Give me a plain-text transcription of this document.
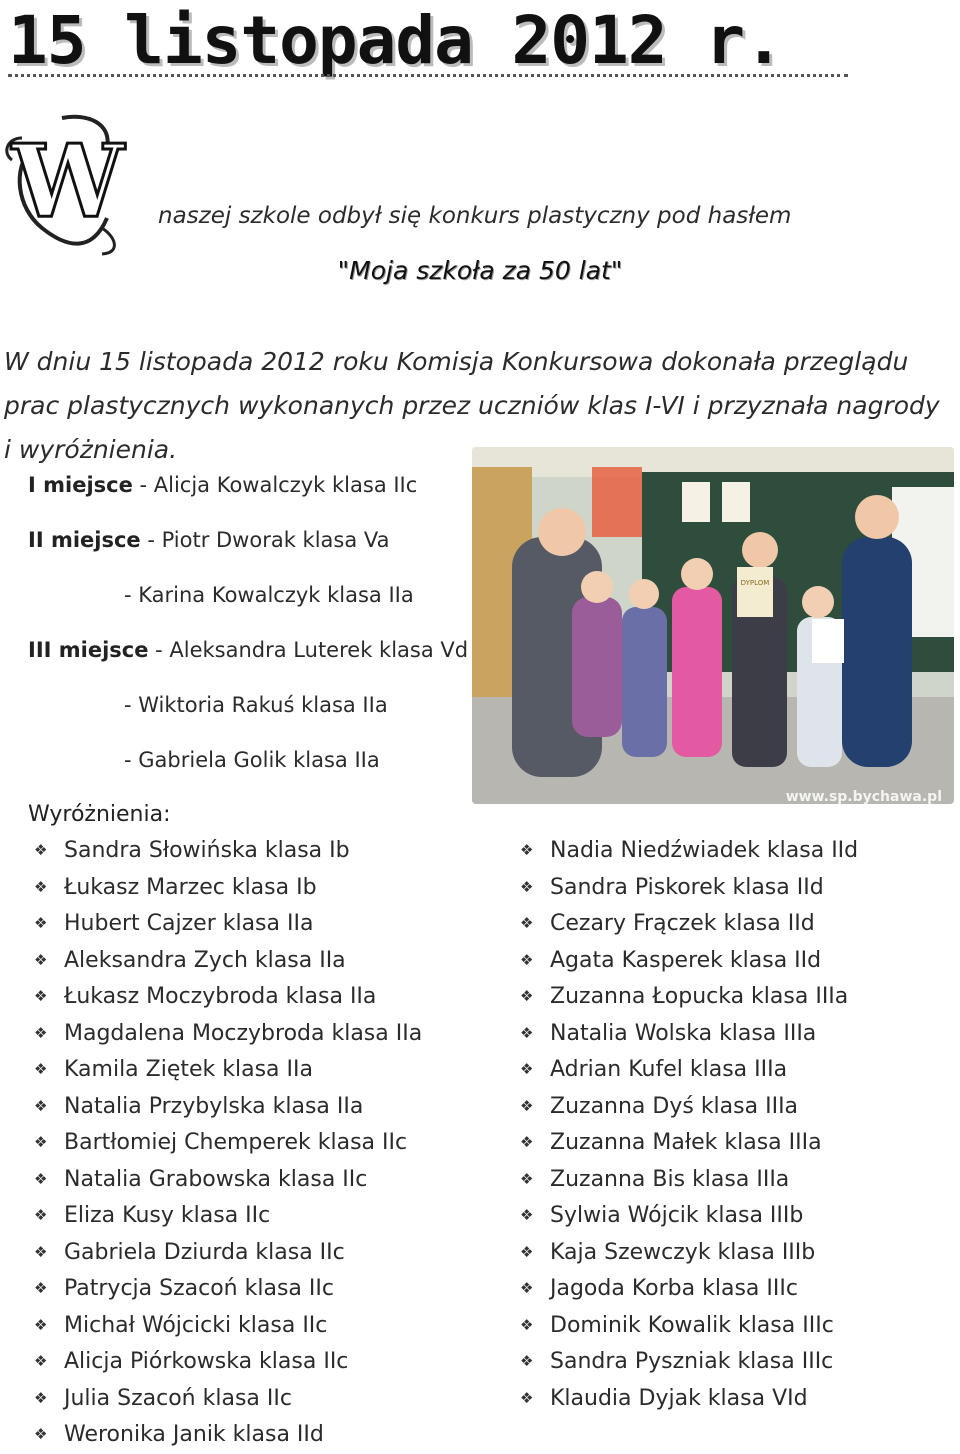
15 listopada 2012 r.
W naszej szkole odbył się konkurs plastyczny pod hasłem
"Moja szkoła za 50 lat"
W dniu 15 listopada 2012 roku Komisja Konkursowa dokonała przeglądu prac plastycznych wykonanych przez uczniów klas I-VI i przyznała nagrody i wyróżnienia.
I miejsce - Alicja Kowalczyk klasa IIc
II miejsce - Piotr Dworak klasa Va
- Karina Kowalczyk klasa IIa
III miejsce - Aleksandra Luterek klasa Vd
- Wiktoria Rakuś klasa IIa
- Gabriela Golik klasa IIa
DYPLOM
www.sp.bychawa.pl
Wyróżnienia:
❖ Sandra Słowińska klasa Ib
❖ Łukasz Marzec klasa Ib
❖ Hubert Cajzer klasa IIa
❖ Aleksandra Zych klasa IIa
❖ Łukasz Moczybroda klasa IIa
❖ Magdalena Moczybroda klasa IIa
❖ Kamila Ziętek klasa IIa
❖ Natalia Przybylska klasa IIa
❖ Bartłomiej Chemperek klasa IIc
❖ Natalia Grabowska klasa IIc
❖ Eliza Kusy klasa IIc
❖ Gabriela Dziurda klasa IIc
❖ Patrycja Szacoń klasa IIc
❖ Michał Wójcicki klasa IIc
❖ Alicja Piórkowska klasa IIc
❖ Julia Szacoń klasa IIc
❖ Weronika Janik klasa IId
❖ Nadia Niedźwiadek klasa IId
❖ Sandra Piskorek klasa IId
❖ Cezary Frączek klasa IId
❖ Agata Kasperek klasa IId
❖ Zuzanna Łopucka klasa IIIa
❖ Natalia Wolska klasa IIIa
❖ Adrian Kufel klasa IIIa
❖ Zuzanna Dyś klasa IIIa
❖ Zuzanna Małek klasa IIIa
❖ Zuzanna Bis klasa IIIa
❖ Sylwia Wójcik klasa IIIb
❖ Kaja Szewczyk klasa IIIb
❖ Jagoda Korba klasa IIIc
❖ Dominik Kowalik klasa IIIc
❖ Sandra Pyszniak klasa IIIc
❖ Klaudia Dyjak klasa VId
